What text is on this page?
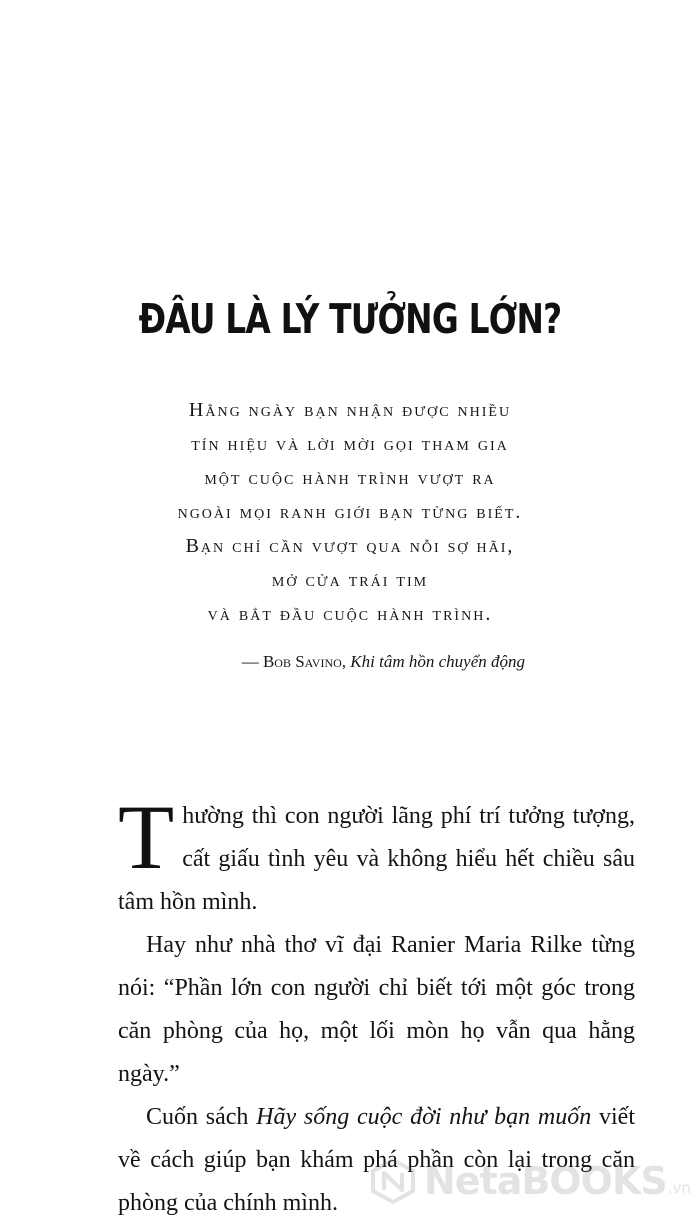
ĐÂU LÀ LÝ TƯỞNG LỚN?
Hằng ngày bạn nhận được nhiều
tín hiệu và lời mời gọi tham gia
một cuộc hành trình vượt ra
ngoài mọi ranh giới bạn từng biết.
Bạn chỉ cần vượt qua nỗi sợ hãi,
mở cửa trái tim
và bắt đầu cuộc hành trình.
— Bob Savino, Khi tâm hồn chuyển động

Thường thì con người lãng phí trí tưởng tượng, cất giấu tình yêu và không hiểu hết chiều sâu tâm hồn mình.

Hay như nhà thơ vĩ đại Ranier Maria Rilke từng nói: “Phần lớn con người chỉ biết tới một góc trong căn phòng của họ, một lối mòn họ vẫn qua hằng ngày.”

Cuốn sách Hãy sống cuộc đời như bạn muốn viết về cách giúp bạn khám phá phần còn lại trong căn phòng của chính mình.	NetaBOOKS .vn
